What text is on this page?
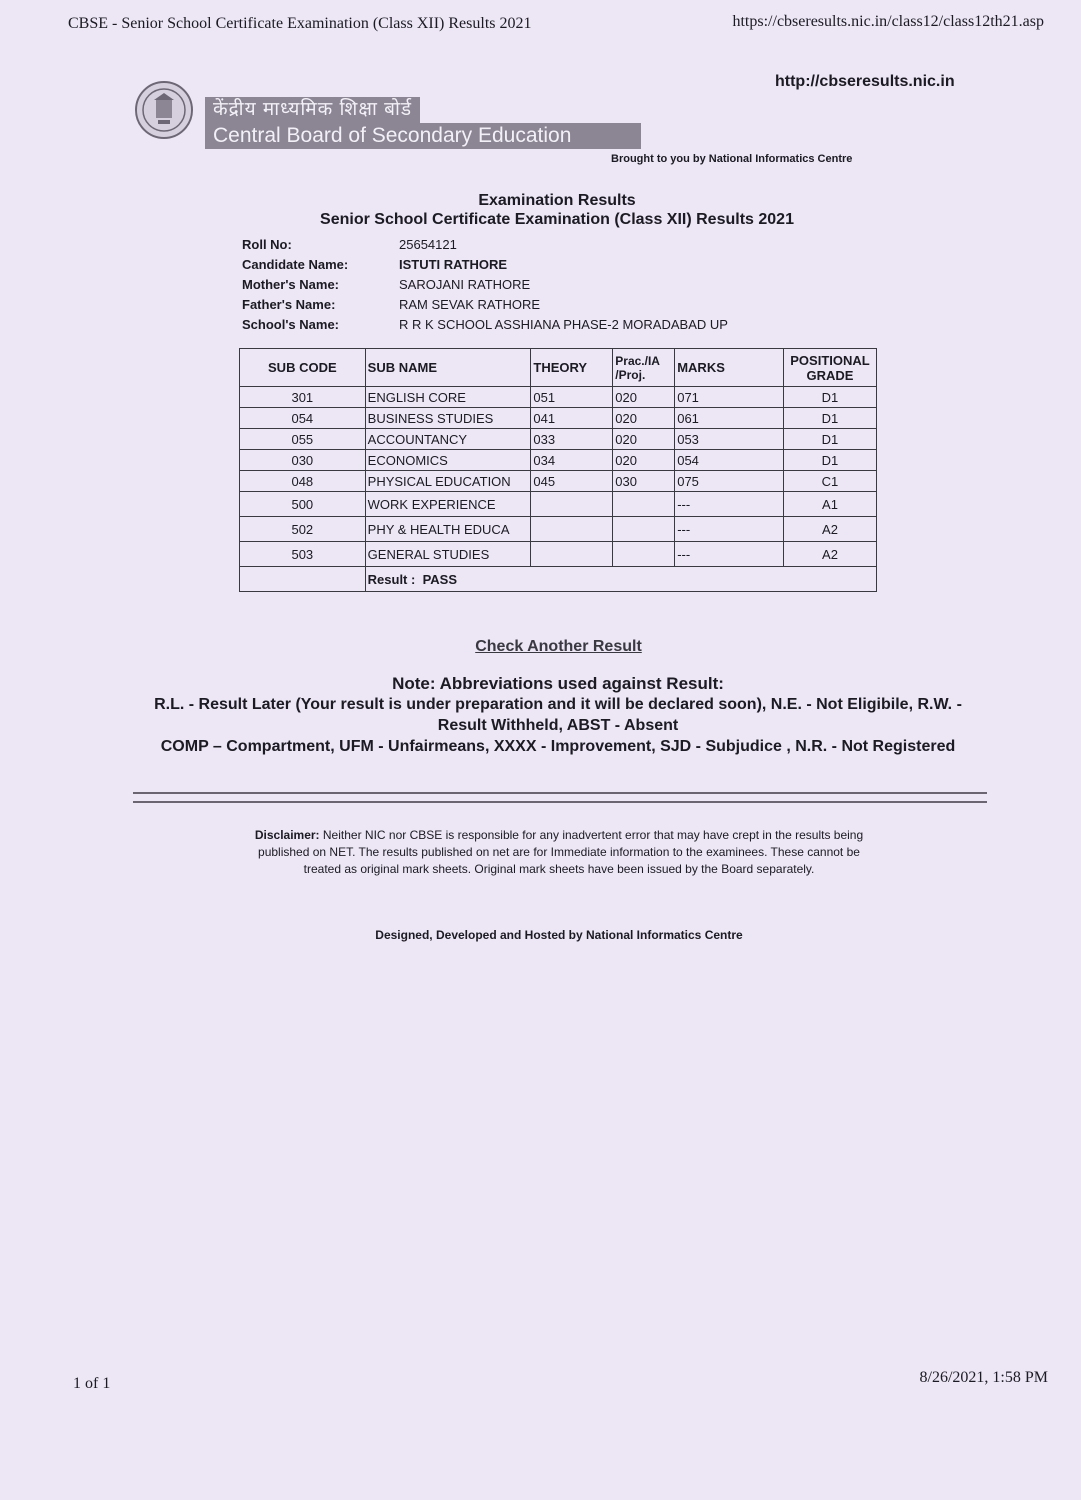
CBSE - Senior School Certificate Examination (Class XII) Results 2021	https://cbseresults.nic.in/class12/class12th21.asp
http://cbseresults.nic.in
केंद्रीय माध्यमिक शिक्षा बोर्ड
Central Board of Secondary Education
Brought to you by National Informatics Centre
Examination Results
Senior School Certificate Examination (Class XII) Results 2021
Roll No:	25654121
Candidate Name:	ISTUTI RATHORE
Mother's Name:	SAROJANI RATHORE
Father's Name:	RAM SEVAK RATHORE
School's Name:	R R K SCHOOL ASSHIANA PHASE-2 MORADABAD UP
SUB CODE	SUB NAME	THEORY	Prac./IA /Proj.	MARKS	POSITIONAL GRADE
301	ENGLISH CORE	051	020	071	D1
054	BUSINESS STUDIES	041	020	061	D1
055	ACCOUNTANCY	033	020	053	D1
030	ECONOMICS	034	020	054	D1
048	PHYSICAL EDUCATION	045	030	075	C1
500	WORK EXPERIENCE			---	A1
502	PHY & HEALTH EDUCA			---	A2
503	GENERAL STUDIES			---	A2
	Result : PASS				
Check Another Result
Note: Abbreviations used against Result:
R.L. - Result Later (Your result is under preparation and it will be declared soon), N.E. - Not Eligibile, R.W. - Result Withheld, ABST - Absent
COMP – Compartment, UFM - Unfairmeans, XXXX - Improvement, SJD - Subjudice , N.R. - Not Registered
Disclaimer: Neither NIC nor CBSE is responsible for any inadvertent error that may have crept in the results being published on NET. The results published on net are for Immediate information to the examinees. These cannot be treated as original mark sheets. Original mark sheets have been issued by the Board separately.
Designed, Developed and Hosted by National Informatics Centre
1 of 1	8/26/2021, 1:58 PM
